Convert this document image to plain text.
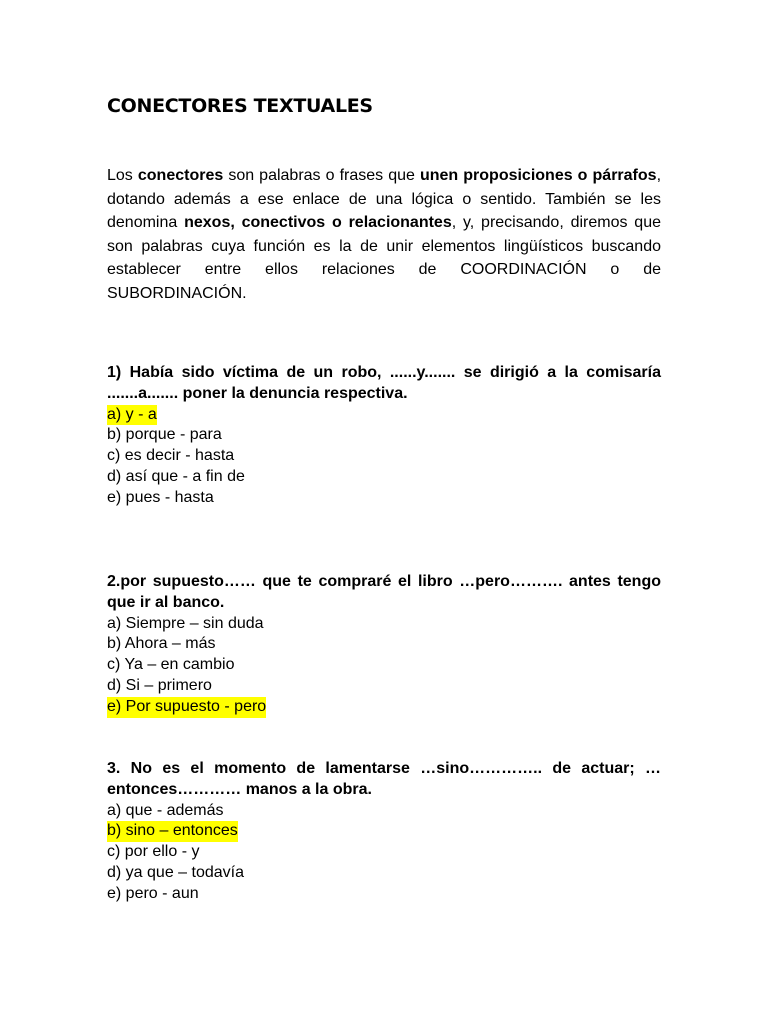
CONECTORES TEXTUALES
Los conectores son palabras o frases que unen proposiciones o párrafos, dotando además a ese enlace de una lógica o sentido. También se les denomina nexos, conectivos o relacionantes, y, precisando, diremos que son palabras cuya función es la de unir elementos lingüísticos buscando establecer entre ellos relaciones de COORDINACIÓN o de SUBORDINACIÓN.
1) Había sido víctima de un robo, ......y....... se dirigió a la comisaría .......a....... poner la denuncia respectiva.
a) y - a
b) porque - para
c) es decir - hasta
d) así que - a fin de
e) pues - hasta
2.por supuesto…… que te compraré el libro …pero………. antes tengo que ir al banco.
a) Siempre – sin duda
b) Ahora – más
c) Ya – en cambio
d) Si – primero
e) Por supuesto - pero
3. No es el momento de lamentarse …sino………….. de actuar; …entonces………… manos a la obra.
a) que - además
b) sino – entonces
c) por ello - y
d) ya que – todavía
e) pero - aun
